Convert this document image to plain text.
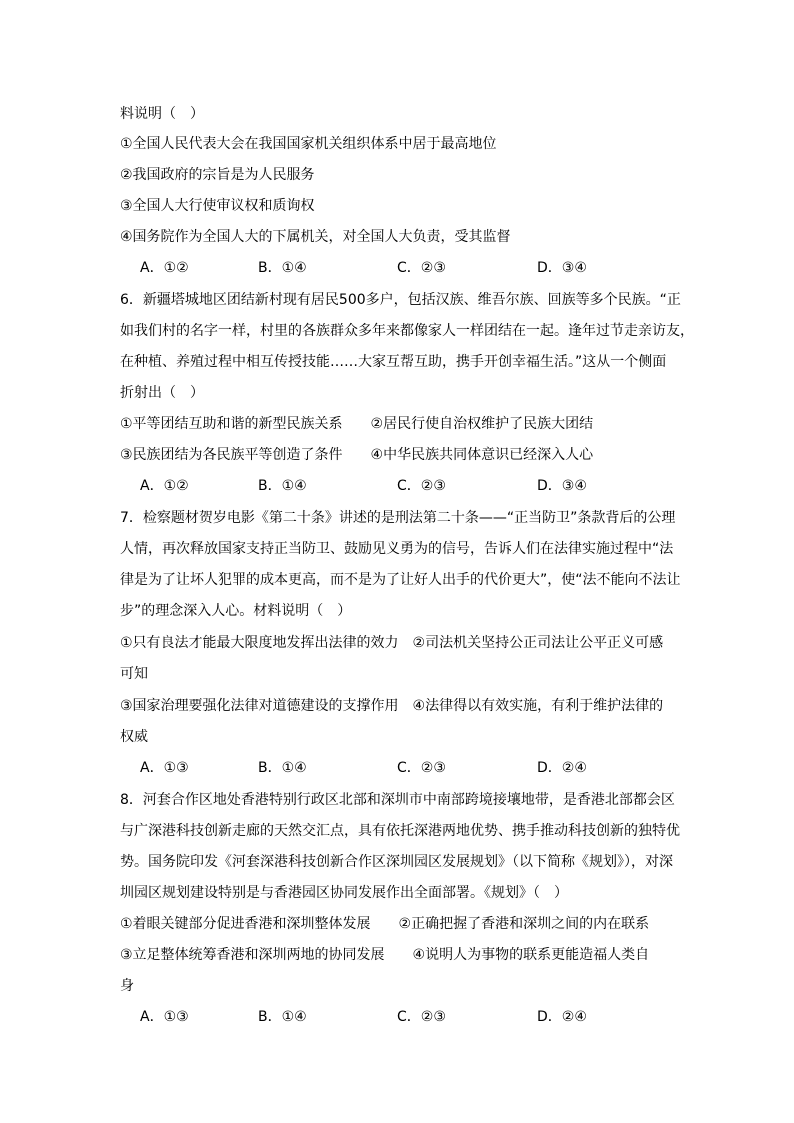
料说明（　）
①全国人民代表大会在我国国家机关组织体系中居于最高地位
②我国政府的宗旨是为人民服务
③全国人大行使审议权和质询权
④国务院作为全国人大的下属机关，对全国人大负责，受其监督
A．①②	B．①④	C．②③	D．③④
6．新疆塔城地区团结新村现有居民500多户，包括汉族、维吾尔族、回族等多个民族。“正
如我们村的名字一样，村里的各族群众多年来都像家人一样团结在一起。逢年过节走亲访友，
在种植、养殖过程中相互传授技能……大家互帮互助，携手开创幸福生活。”这从一个侧面
折射出（　）
①平等团结互助和谐的新型民族关系　　②居民行使自治权维护了民族大团结
③民族团结为各民族平等创造了条件　　④中华民族共同体意识已经深入人心
A．①②	B．①④	C．②③	D．③④
7．检察题材贺岁电影《第二十条》讲述的是刑法第二十条——“正当防卫”条款背后的公理
人情，再次释放国家支持正当防卫、鼓励见义勇为的信号，告诉人们在法律实施过程中“法
律是为了让坏人犯罪的成本更高，而不是为了让好人出手的代价更大”，使“法不能向不法让
步”的理念深入人心。材料说明（　）
①只有良法才能最大限度地发挥出法律的效力　②司法机关坚持公正司法让公平正义可感
可知
③国家治理要强化法律对道德建设的支撑作用　④法律得以有效实施，有利于维护法律的
权威
A．①③	B．①④	C．②③	D．②④
8．河套合作区地处香港特别行政区北部和深圳市中南部跨境接壤地带，是香港北部都会区
与广深港科技创新走廊的天然交汇点，具有依托深港两地优势、携手推动科技创新的独特优
势。国务院印发《河套深港科技创新合作区深圳园区发展规划》（以下简称《规划》），对深
圳园区规划建设特别是与香港园区协同发展作出全面部署。《规划》（　）
①着眼关键部分促进香港和深圳整体发展　　②正确把握了香港和深圳之间的内在联系
③立足整体统筹香港和深圳两地的协同发展　　④说明人为事物的联系更能造福人类自
身
A．①③	B．①④	C．②③	D．②④
